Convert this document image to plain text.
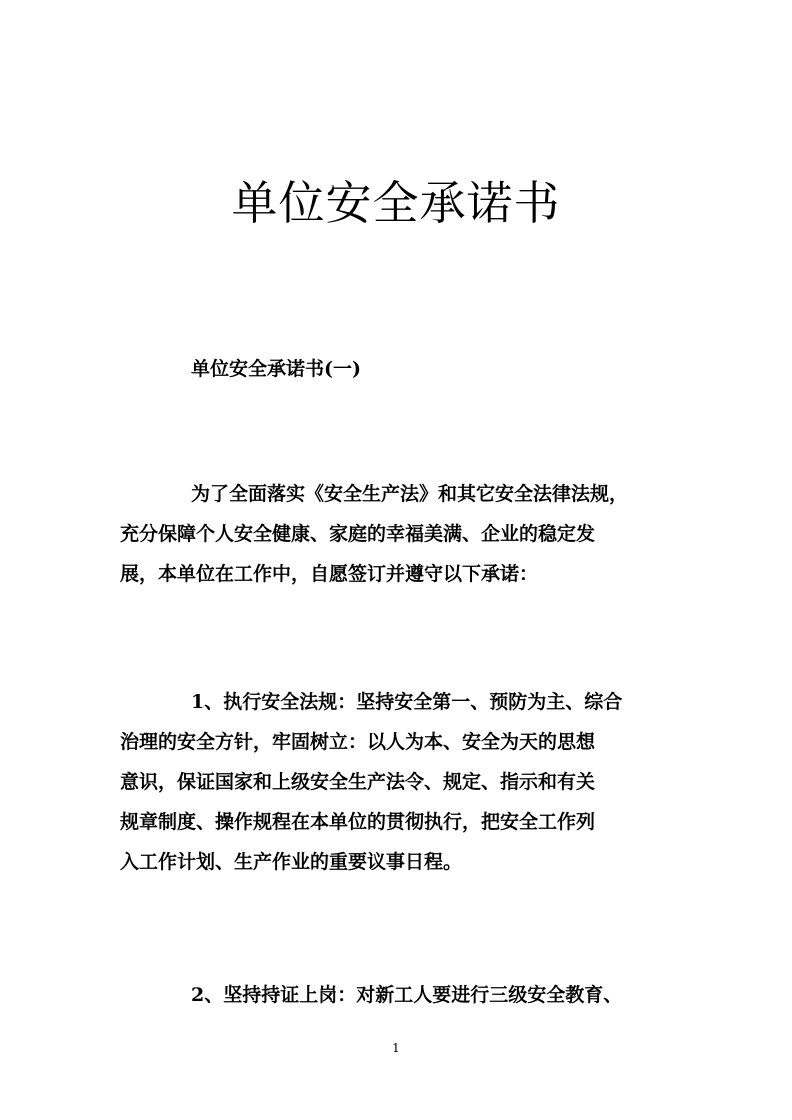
单位安全承诺书
单位安全承诺书(一)
为了全面落实《安全生产法》和其它安全法律法规，
充分保障个人安全健康、家庭的幸福美满、企业的稳定发
展，本单位在工作中，自愿签订并遵守以下承诺：
1、执行安全法规：坚持安全第一、预防为主、综合
治理的安全方针，牢固树立：以人为本、安全为天的思想
意识，保证国家和上级安全生产法令、规定、指示和有关
规章制度、操作规程在本单位的贯彻执行，把安全工作列
入工作计划、生产作业的重要议事日程。
2、坚持持证上岗：对新工人要进行三级安全教育、
1
